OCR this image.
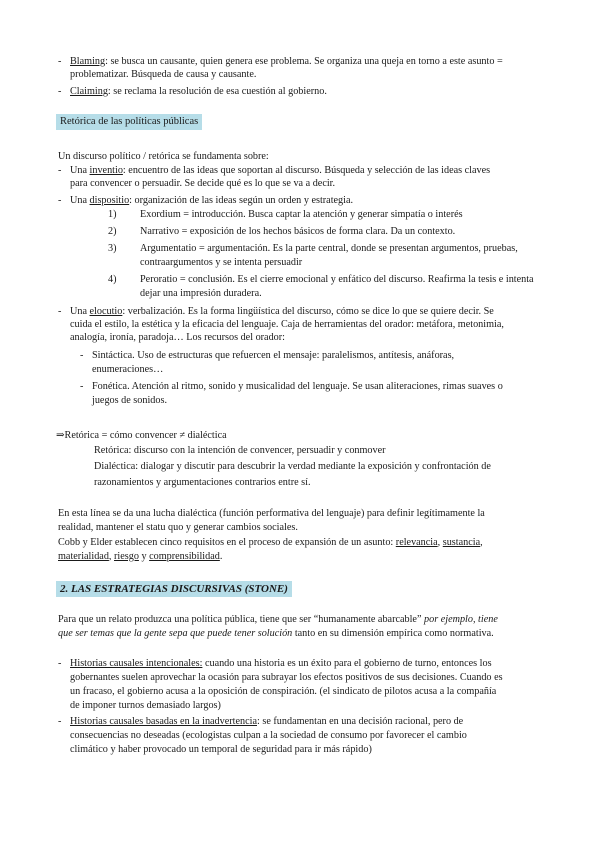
- Blaming: se busca un causante, quien genera ese problema. Se organiza una queja en torno a este asunto =

problematizar. Búsqueda de causa y causante.

- Claiming: se reclama la resolución de esa cuestión al gobierno.

Retórica de las políticas públicas

Un discurso político / retórica se fundamenta sobre:

- Una inventio: encuentro de las ideas que soportan al discurso. Búsqueda y selección de las ideas claves

para convencer o persuadir. Se decide qué es lo que se va a decir.

- Una dispositio: organización de las ideas según un orden y estrategia.

1) Exordium = introducción. Busca captar la atención y generar simpatía o interés

2) Narrativo = exposición de los hechos básicos de forma clara. Da un contexto.

3) Argumentatio = argumentación. Es la parte central, donde se presentan argumentos, pruebas,

contraargumentos y se intenta persuadir

4) Peroratio = conclusión. Es el cierre emocional y enfático del discurso. Reafirma la tesis e intenta

dejar una impresión duradera.

- Una elocutio: verbalización. Es la forma lingüística del discurso, cómo se dice lo que se quiere decir. Se

cuida el estilo, la estética y la eficacia del lenguaje. Caja de herramientas del orador: metáfora, metonimia,

analogía, ironía, paradoja… Los recursos del orador:

- Sintáctica. Uso de estructuras que refuercen el mensaje: paralelismos, antítesis, anáforas,

enumeraciones…

- Fonética. Atención al ritmo, sonido y musicalidad del lenguaje. Se usan aliteraciones, rimas suaves o

juegos de sonidos.

⇒Retórica = cómo convencer ≠ dialéctica

Retórica: discurso con la intención de convencer, persuadir y conmover

Dialéctica: dialogar y discutir para descubrir la verdad mediante la exposición y confrontación de

razonamientos y argumentaciones contrarios entre sí.

En esta línea se da una lucha dialéctica (función performativa del lenguaje) para definir legítimamente la

realidad, mantener el statu quo y generar cambios sociales.

Cobb y Elder establecen cinco requisitos en el proceso de expansión de un asunto: relevancia, sustancia,

materialidad, riesgo y comprensibilidad.

2. LAS ESTRATEGIAS DISCURSIVAS (STONE)

Para que un relato produzca una política pública, tiene que ser “humanamente abarcable” por ejemplo, tiene

que ser temas que la gente sepa que puede tener solución tanto en su dimensión empírica como normativa.

- Historias causales intencionales: cuando una historia es un éxito para el gobierno de turno, entonces los

gobernantes suelen aprovechar la ocasión para subrayar los efectos positivos de sus decisiones. Cuando es

un fracaso, el gobierno acusa a la oposición de conspiración. (el sindicato de pilotos acusa a la compañía

de imponer turnos demasiado largos)

- Historias causales basadas en la inadvertencia: se fundamentan en una decisión racional, pero de

consecuencias no deseadas (ecologistas culpan a la sociedad de consumo por favorecer el cambio

climático y haber provocado un temporal de seguridad para ir más rápido)
